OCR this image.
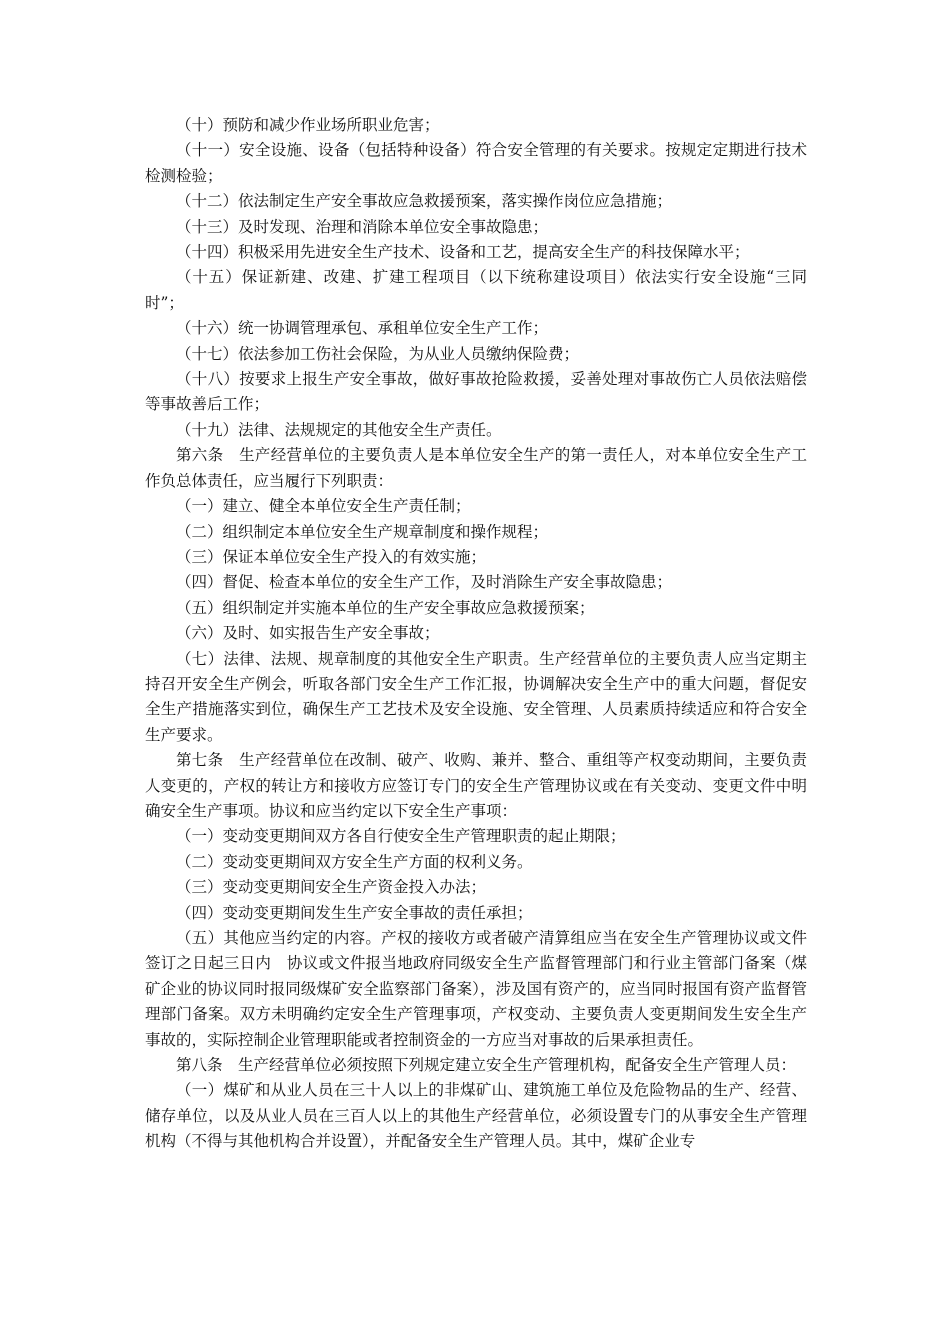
（十）预防和减少作业场所职业危害；

（十一）安全设施、设备（包括特种设备）符合安全管理的有关要求。按规定定期进行技术检测检验；

（十二）依法制定生产安全事故应急救援预案，落实操作岗位应急措施；

（十三）及时发现、治理和消除本单位安全事故隐患；

（十四）积极采用先进安全生产技术、设备和工艺，提高安全生产的科技保障水平；

（十五）保证新建、改建、扩建工程项目（以下统称建设项目）依法实行安全设施“三同时”；

（十六）统一协调管理承包、承租单位安全生产工作；

（十七）依法参加工伤社会保险，为从业人员缴纳保险费；

（十八）按要求上报生产安全事故，做好事故抢险救援，妥善处理对事故伤亡人员依法赔偿等事故善后工作；

（十九）法律、法规规定的其他安全生产责任。

第六条　生产经营单位的主要负责人是本单位安全生产的第一责任人，对本单位安全生产工作负总体责任，应当履行下列职责：

（一）建立、健全本单位安全生产责任制；

（二）组织制定本单位安全生产规章制度和操作规程；

（三）保证本单位安全生产投入的有效实施；

（四）督促、检查本单位的安全生产工作，及时消除生产安全事故隐患；

（五）组织制定并实施本单位的生产安全事故应急救援预案；

（六）及时、如实报告生产安全事故；

（七）法律、法规、规章制度的其他安全生产职责。生产经营单位的主要负责人应当定期主持召开安全生产例会，听取各部门安全生产工作汇报，协调解决安全生产中的重大问题，督促安全生产措施落实到位，确保生产工艺技术及安全设施、安全管理、人员素质持续适应和符合安全生产要求。

第七条　生产经营单位在改制、破产、收购、兼并、整合、重组等产权变动期间，主要负责人变更的，产权的转让方和接收方应签订专门的安全生产管理协议或在有关变动、变更文件中明确安全生产事项。协议和应当约定以下安全生产事项：

（一）变动变更期间双方各自行使安全生产管理职责的起止期限；

（二）变动变更期间双方安全生产方面的权利义务。

（三）变动变更期间安全生产资金投入办法；

（四）变动变更期间发生生产安全事故的责任承担；

（五）其他应当约定的内容。产权的接收方或者破产清算组应当在安全生产管理协议或文件签订之日起三日内　协议或文件报当地政府同级安全生产监督管理部门和行业主管部门备案（煤矿企业的协议同时报同级煤矿安全监察部门备案），涉及国有资产的，应当同时报国有资产监督管理部门备案。双方未明确约定安全生产管理事项，产权变动、主要负责人变更期间发生安全生产事故的，实际控制企业管理职能或者控制资金的一方应当对事故的后果承担责任。

第八条　生产经营单位必须按照下列规定建立安全生产管理机构，配备安全生产管理人员：

（一）煤矿和从业人员在三十人以上的非煤矿山、建筑施工单位及危险物品的生产、经营、储存单位，以及从业人员在三百人以上的其他生产经营单位，必须设置专门的从事安全生产管理机构（不得与其他机构合并设置），并配备安全生产管理人员。其中，煤矿企业专
